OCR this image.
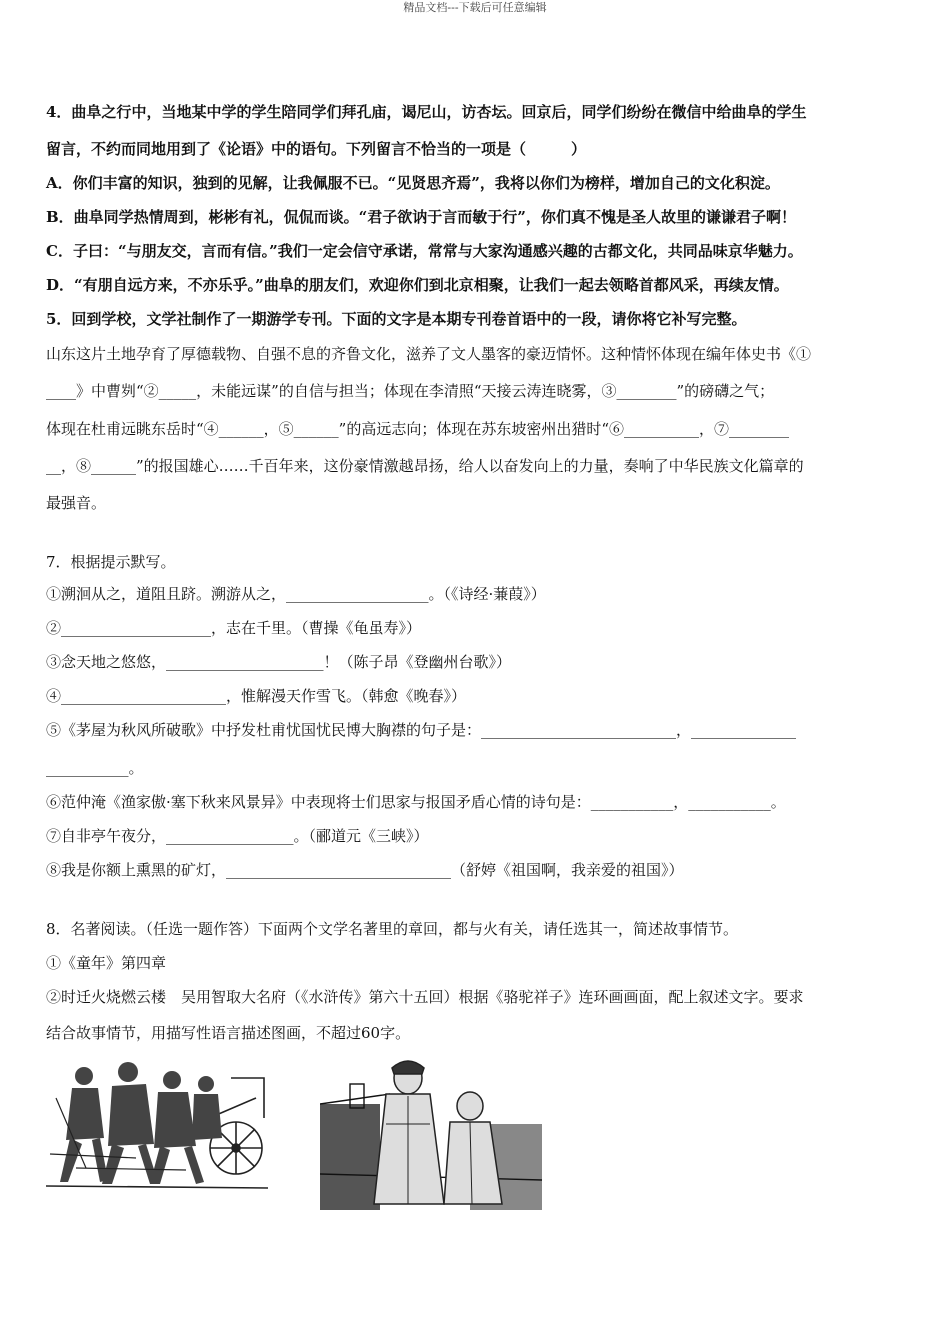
精品文档---下载后可任意编辑
4．曲阜之行中，当地某中学的学生陪同学们拜孔庙，谒尼山，访杏坛。回京后，同学们纷纷在微信中给曲阜的学生
留言，不约而同地用到了《论语》中的语句。下列留言不恰当的一项是（　　　）
A．你们丰富的知识，独到的见解，让我佩服不已。“见贤思齐焉”，我将以你们为榜样，增加自己的文化积淀。
B．曲阜同学热情周到，彬彬有礼，侃侃而谈。“君子欲讷于言而敏于行”，你们真不愧是圣人故里的谦谦君子啊！
C．子曰：“与朋友交，言而有信。”我们一定会信守承诺，常常与大家沟通感兴趣的古都文化，共同品味京华魅力。
D．“有朋自远方来，不亦乐乎。”曲阜的朋友们，欢迎你们到北京相聚，让我们一起去领略首都风采，再续友情。
5．回到学校，文学社制作了一期游学专刊。下面的文字是本期专刊卷首语中的一段，请你将它补写完整。
山东这片土地孕育了厚德载物、自强不息的齐鲁文化，滋养了文人墨客的豪迈情怀。这种情怀体现在编年体史书《①
____》中曹刿“②_____，未能远谋”的自信与担当；体现在李清照“天接云涛连晓雾，③________”的磅礴之气；
体现在杜甫远眺东岳时“④______，⑤______”的高远志向；体现在苏东坡密州出猎时“⑥__________，⑦________
__，⑧______”的报国雄心……千百年来，这份豪情激越昂扬，给人以奋发向上的力量，奏响了中华民族文化篇章的
最强音。
7．根据提示默写。
①溯洄从之，道阻且跻。溯游从之，___________________。（《诗经·蒹葭》）
②____________________，志在千里。（曹操《龟虽寿》）
③念天地之悠悠，_____________________！（陈子昂《登幽州台歌》）
④______________________，惟解漫天作雪飞。（韩愈《晚春》）
⑤《茅屋为秋风所破歌》中抒发杜甫忧国忧民博大胸襟的句子是：__________________________，______________
___________。
⑥范仲淹《渔家傲·塞下秋来风景异》中表现将士们思家与报国矛盾心情的诗句是：___________，___________。
⑦自非亭午夜分，_________________。（郦道元《三峡》）
⑧我是你额上熏黑的矿灯，______________________________（舒婷《祖国啊，我亲爱的祖国》）
8．名著阅读。（任选一题作答）下面两个文学名著里的章回，都与火有关，请任选其一，简述故事情节。
①《童年》第四章
②时迁火烧燃云楼　吴用智取大名府（《水浒传》第六十五回）根据《骆驼祥子》连环画画面，配上叙述文字。要求
结合故事情节，用描写性语言描述图画，不超过60字。
